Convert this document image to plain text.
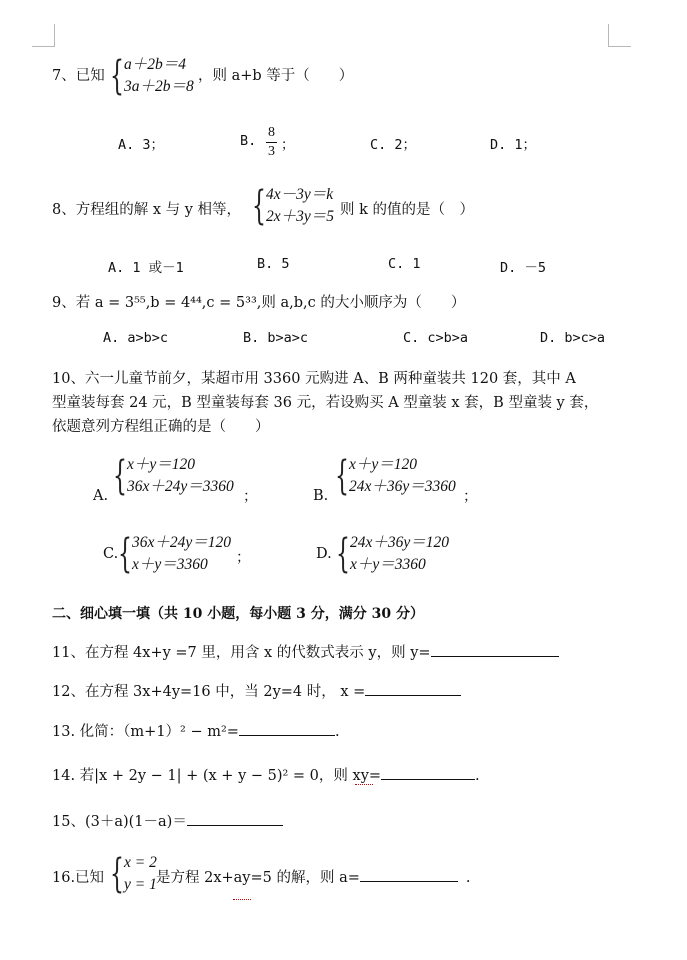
7、已知 { a＋2b＝4
3a＋2b＝8
，则 a+b 等于（　　）
A. 3；	B.
8
3 ；	C. 2；	D. 1；
8、方程组的解 x 与 y 相等， { 4x－3y＝k
2x＋3y＝5 则 k 的值的是（　）
A. 1 或－1	B. 5	C. 1	D. －5
9、若 a = 3⁵⁵,b = 4⁴⁴,c = 5³³,则 a,b,c 的大小顺序为（　　）
A. a>b>c	B. b>a>c	C. c>b>a	D. b>c>a
10、六一儿童节前夕，某超市用 3360 元购进 A、B 两种童装共 120 套，其中 A
型童装每套 24 元，B 型童装每套 36 元，若设购买 A 型童装 x 套，B 型童装 y 套，
依题意列方程组正确的是（　　）
A. { x＋y＝120
36x＋24y＝3360
；	B. { x＋y＝120
24x＋36y＝3360
；
C. { 36x＋24y＝120
x＋y＝3360	；	D. { 24x＋36y＝120
x＋y＝3360
二、细心填一填（共 10 小题，每小题 3 分，满分 30 分）
11、在方程 4x+y =7 里，用含 x 的代数式表示 y，则 y=
12、在方程 3x+4y=16 中，当 2y=4 时， x =
13. 化简：（m+1）² − m²=	.
14. 若|x + 2y − 1| + (x + y − 5)² = 0，则 xy=	.
15、(3＋a)(1－a)＝
16.已知 { x = 2
y = 1 是方程 2x+ay=5 的解，则 a=	.
